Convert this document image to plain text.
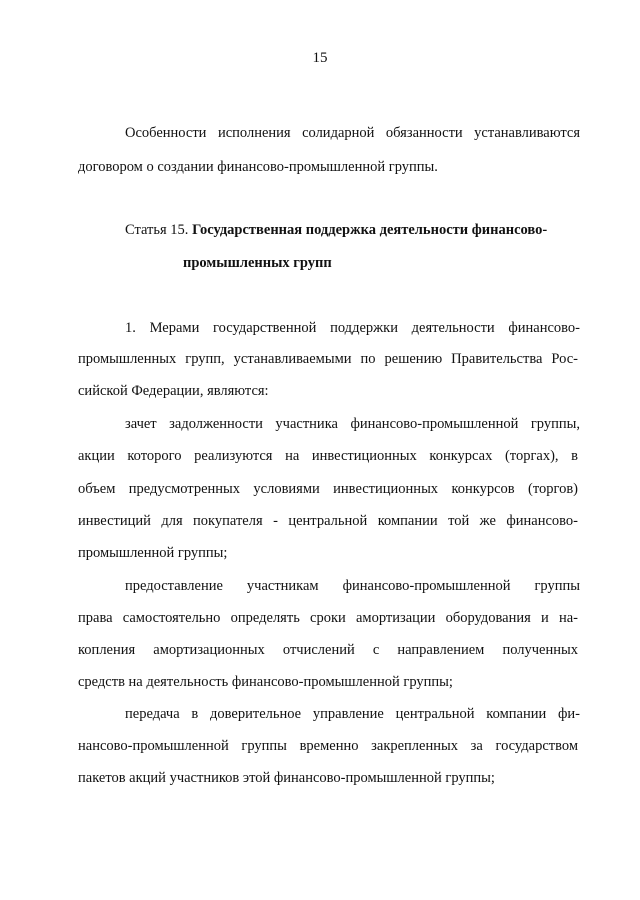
15
Особенности исполнения солидарной обязанности устанавливаются
договором о создании финансово-промышленной группы.
Статья 15. Государственная поддержка деятельности финансово-
промышленных групп
1. Мерами государственной поддержки деятельности финансово-
промышленных групп, устанавливаемыми по решению Правительства Рос-
сийской Федерации, являются:
зачет задолженности участника финансово-промышленной группы,
акции которого реализуются на инвестиционных конкурсах (торгах), в
объем предусмотренных условиями инвестиционных конкурсов (торгов)
инвестиций для покупателя - центральной компании той же финансово-
промышленной группы;
предоставление участникам финансово-промышленной группы
права самостоятельно определять сроки амортизации оборудования и на-
копления амортизационных отчислений с направлением полученных
средств на деятельность финансово-промышленной группы;
передача в доверительное управление центральной компании фи-
нансово-промышленной группы временно закрепленных за государством
пакетов акций участников этой финансово-промышленной группы;
